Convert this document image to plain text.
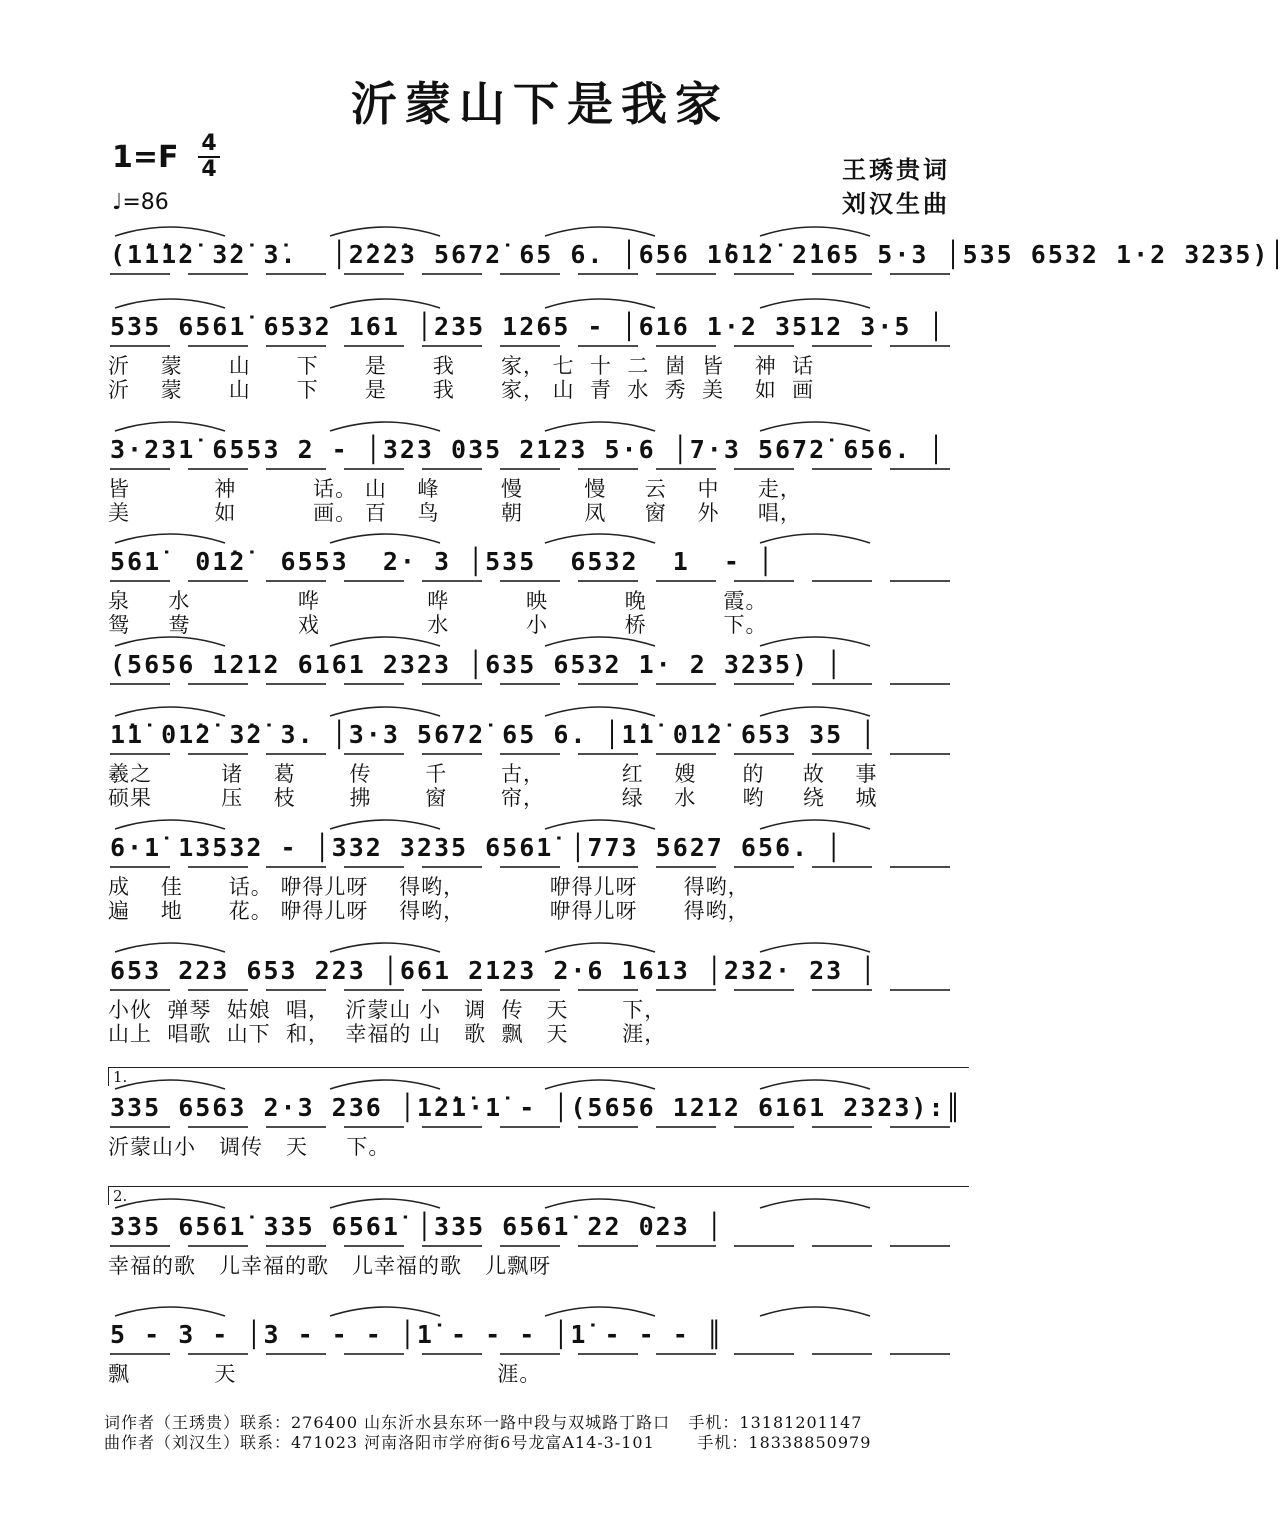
沂蒙山下是我家
1=F 4
4
♩=86
王琇贵词
刘汉生曲
(1̇1̇1̇2̇ 3̇2̇ 3̇.  │2̇2̇2̇3 5672̇ 65 6. │656 1̇61̇2̇ 2̇165 5·3 │535 6532 1·2 3235)│
535 6561̇ 6532 161 │235 1265 - │616 1·2 3512 3·5 │
沂    蒙      山      下      是      我      家， 七  十  二  崮  皆    神  话
沂    蒙      山      下      是      我      家， 山  青  水  秀  美    如  画
3·231̇ 6553 2 - │323 035 2123 5·6 │7·3 5672̇ 656. │
皆           神          话。 山    峰        慢        慢     云    中     走，
美           如          画。 百    鸟        朝        凤     窗    外     唱，
561̇  01̇2̇  6553  2· 3 │535  6532  1  - │
泉     水              哗              哗          映          晚          霞。
鸳     鸯              戏              水          小          桥          下。
(5656 1212 6161 2323 │635 6532 1· 2 3235) │
1̇1̇ 01̇2̇ 3̇2̇ 3. │3·3 5672̇ 65 6. │1̇1̇ 01̇2̇ 653 35 │
羲之         诸    葛       传       千       古，          红    嫂      的     故    事
硕果         压    枝       拂       窗       帘，          绿    水      哟     绕    城
6·1̇ 13532 - │332 3235 6561̇ │773 5627 656. │
成    佳      话。 咿得儿呀    得哟，           咿得儿呀      得哟，
遍    地      花。 咿得儿呀    得哟，           咿得儿呀      得哟，
653 223 653 223 │661 2123 2·6 1613 │232· 23 │
小伙  弹琴  姑娘  唱，  沂蒙山 小   调  传   天       下，
山上  唱歌  山下  和，  幸福的 山   歌  飘   天       涯，
1.
335 6563 2·3 236 │1̇2̇1̇·1̇ - │(5656 1212 6161 2323):║
沂蒙山小   调传   天     下。
2.
335 6561̇ 335 6561̇ │335 6561̇ 22 023 │
幸福的歌   儿幸福的歌   儿幸福的歌   儿飘呀
5 - 3 - │3 - - - │1̇ - - - │1̇ - - - ║
飘           天                                  涯。
词作者（王琇贵）联系：276400 山东沂水县东环一路中段与双城路丁路口   手机：13181201147
曲作者（刘汉生）联系：471023 河南洛阳市学府街6号龙富A14-3-101       手机：18338850979
